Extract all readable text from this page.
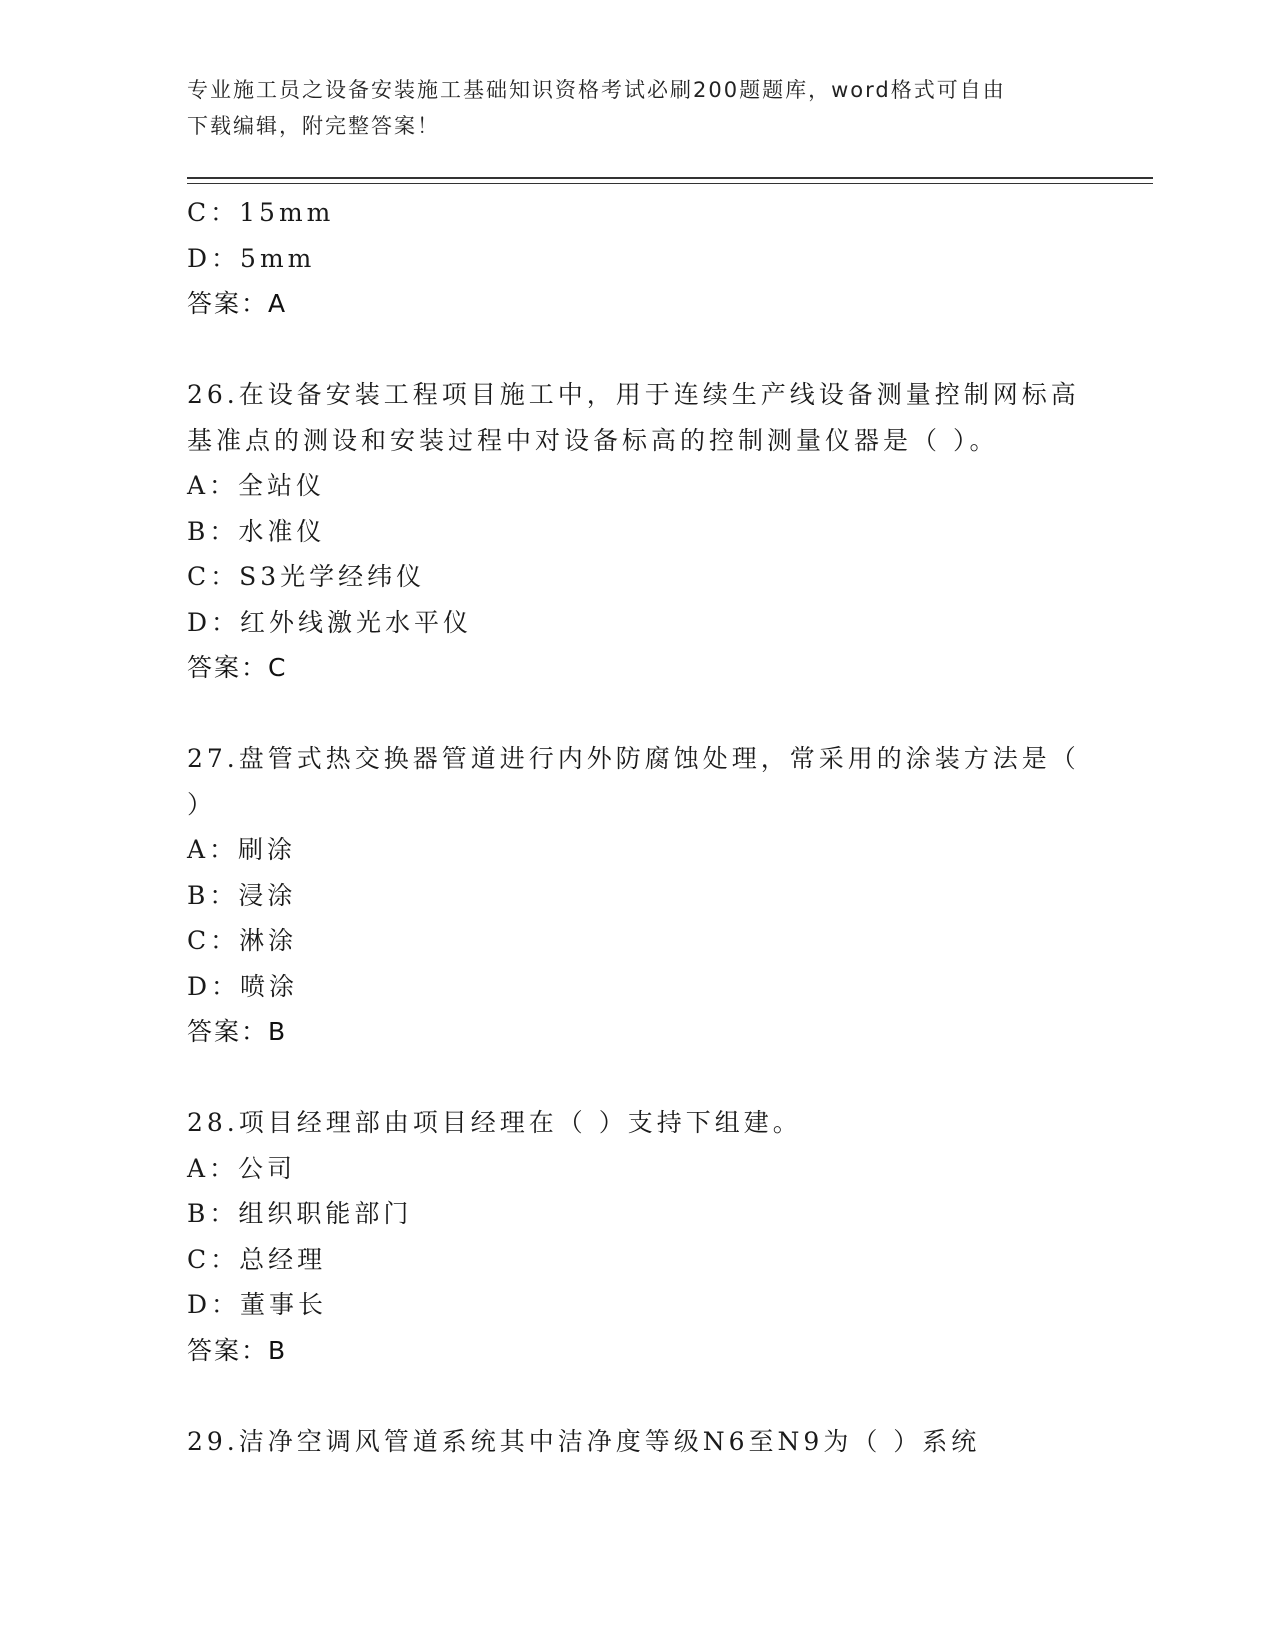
专业施工员之设备安装施工基础知识资格考试必刷200题题库，word格式可自由
下载编辑，附完整答案！
C：15mm
D：5mm
答案：A
26.在设备安装工程项目施工中，用于连续生产线设备测量控制网标高
基准点的测设和安装过程中对设备标高的控制测量仪器是（ ）。
A：全站仪
B：水准仪
C：S3光学经纬仪
D：红外线激光水平仪
答案：C
27.盘管式热交换器管道进行内外防腐蚀处理，常采用的涂装方法是（
）
A：刷涂
B：浸涂
C：淋涂
D：喷涂
答案：B
28.项目经理部由项目经理在（ ）支持下组建。
A：公司
B：组织职能部门
C：总经理
D：董事长
答案：B
29.洁净空调风管道系统其中洁净度等级N6至N9为（ ）系统
